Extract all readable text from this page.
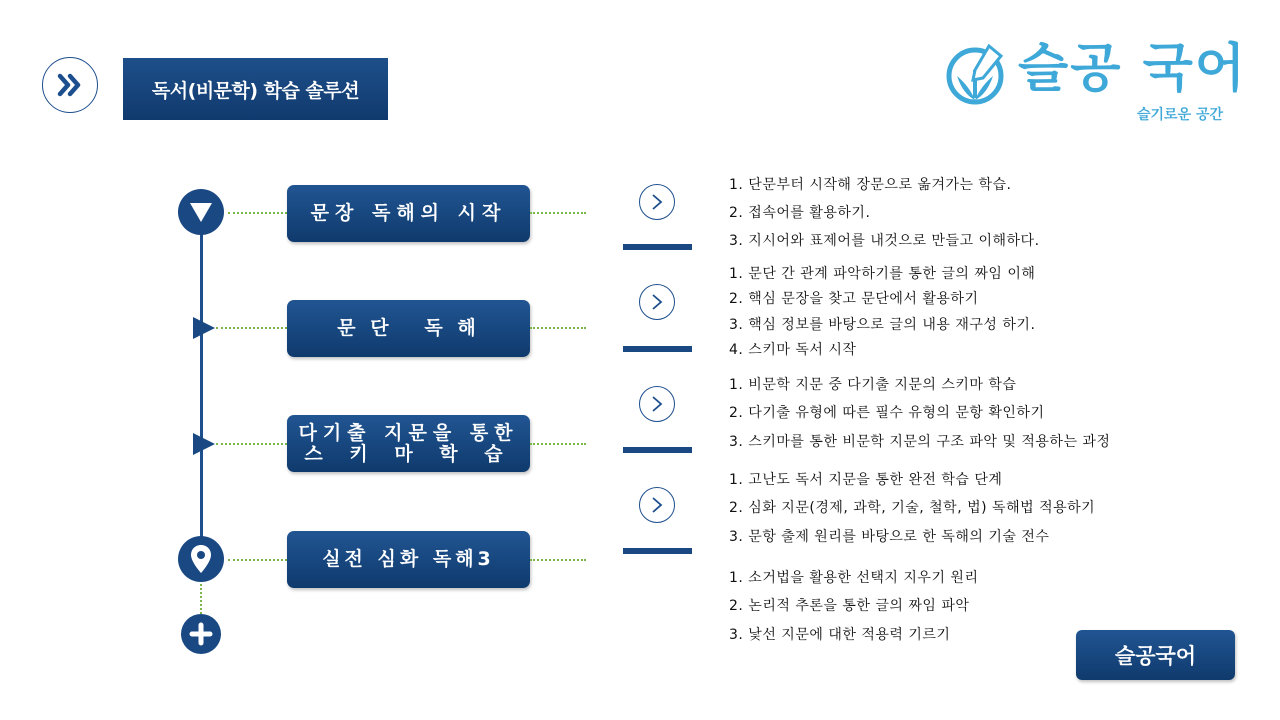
독서(비문학) 학습 솔루션	슬공 국어
슬기로운 공간
문장 독해의 시작
문 단   독 해
다기출 지문을 통한
스 키 마 학 습
실전 심화 독해3
1. 단문부터 시작해 장문으로 옮겨가는 학습.
2. 접속어를 활용하기.
3. 지시어와 표제어를 내것으로 만들고 이해하다.
1. 문단 간 관계 파악하기를 통한 글의 짜임 이해
2. 핵심 문장을 찾고 문단에서 활용하기
3. 핵심 정보를 바탕으로 글의 내용 재구성 하기.
4. 스키마 독서 시작
1. 비문학 지문 중 다기출 지문의 스키마 학습
2. 다기출 유형에 따른 필수 유형의 문항 확인하기
3. 스키마를 통한 비문학 지문의 구조 파악 및 적용하는 과정
1. 고난도 독서 지문을 통한 완전 학습 단계
2. 심화 지문(경제, 과학, 기술, 철학, 법) 독해법 적용하기
3. 문항 출제 원리를 바탕으로 한 독해의 기술 전수
1. 소거법을 활용한 선택지 지우기 원리
2. 논리적 추론을 통한 글의 짜임 파악
3. 낯선 지문에 대한 적용력 기르기
슬공국어
